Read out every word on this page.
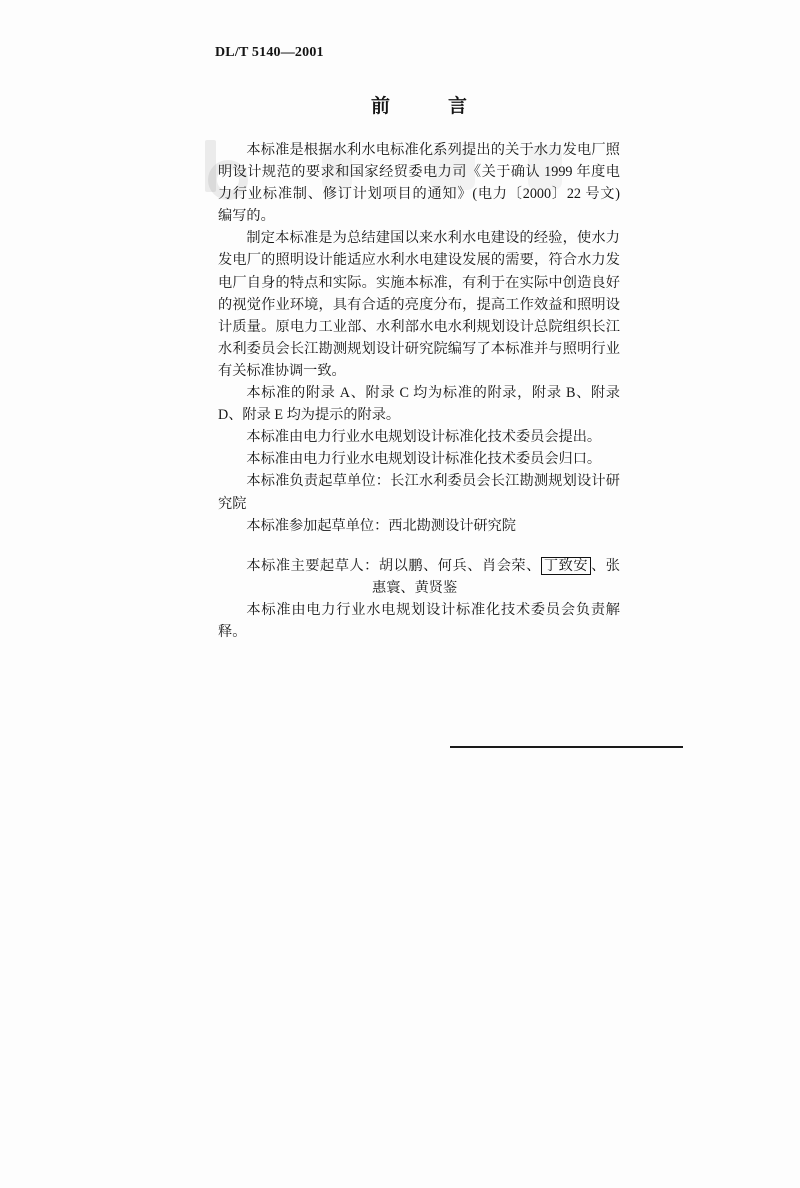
DL/T 5140—2001
前	言
本标准是根据水利水电标准化系列提出的关于水力发电厂照
明设计规范的要求和国家经贸委电力司《关于确认 1999 年度电
力行业标准制、修订计划项目的通知》(电力〔2000〕22 号文)
编写的。
制定本标准是为总结建国以来水利水电建设的经验，使水力
发电厂的照明设计能适应水利水电建设发展的需要，符合水力发
电厂自身的特点和实际。实施本标准，有利于在实际中创造良好
的视觉作业环境，具有合适的亮度分布，提高工作效益和照明设
计质量。原电力工业部、水利部水电水利规划设计总院组织长江
水利委员会长江勘测规划设计研究院编写了本标准并与照明行业
有关标准协调一致。
本标准的附录 A、附录 C 均为标准的附录，附录 B、附录
D、附录 E 均为提示的附录。
本标准由电力行业水电规划设计标准化技术委员会提出。
本标准由电力行业水电规划设计标准化技术委员会归口。
本标准负责起草单位：长江水利委员会长江勘测规划设计研
究院
本标准参加起草单位：西北勘测设计研究院
本标准主要起草人：胡以鹏、何兵、肖会荣、 丁致安 、张
惠寰、黄贤鉴
本标准由电力行业水电规划设计标准化技术委员会负责解
释。
